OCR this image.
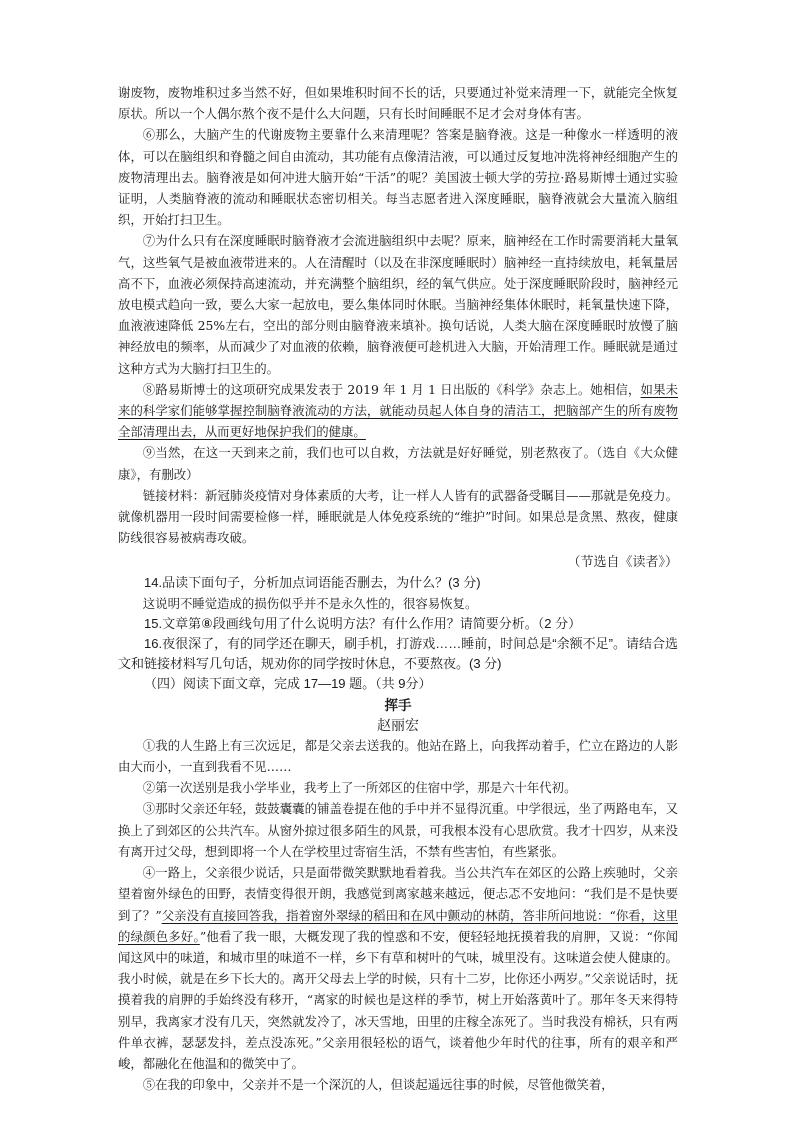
谢废物，废物堆积过多当然不好，但如果堆积时间不长的话，只要通过补觉来清理一下，就能完全恢复原状。所以一个人偶尔熬个夜不是什么大问题，只有长时间睡眠不足才会对身体有害。

⑥那么，大脑产生的代谢废物主要靠什么来清理呢？答案是脑脊液。这是一种像水一样透明的液体，可以在脑组织和脊髓之间自由流动，其功能有点像清洁液，可以通过反复地冲洗将神经细胞产生的废物清理出去。脑脊液是如何冲进大脑开始“干活”的呢？美国波士顿大学的劳拉·路易斯博士通过实验证明，人类脑脊液的流动和睡眠状态密切相关。每当志愿者进入深度睡眠，脑脊液就会大量流入脑组织，开始打扫卫生。

⑦为什么只有在深度睡眠时脑脊液才会流进脑组织中去呢？原来，脑神经在工作时需要消耗大量氧气，这些氧气是被血液带进来的。人在清醒时（以及在非深度睡眠时）脑神经一直持续放电，耗氧量居高不下，血液必须保持高速流动，并充满整个脑组织，经的氧气供应。处于深度睡眠阶段时，脑神经元放电模式趋向一致，要么大家一起放电，要么集体同时休眠。当脑神经集体休眠时，耗氧量快速下降，血液液速降低 25%左右，空出的部分则由脑脊液来填补。换句话说，人类大脑在深度睡眠时放慢了脑神经放电的频率，从而减少了对血液的依赖，脑脊液便可趁机进入大脑，开始清理工作。睡眠就是通过这种方式为大脑打扫卫生的。

⑧路易斯博士的这项研究成果发表于 2019 年 1 月 1 日出版的《科学》杂志上。她相信，如果未来的科学家们能够掌握控制脑脊液流动的方法，就能动员起人体自身的清洁工，把脑部产生的所有废物全部清理出去，从而更好地保护我们的健康。

⑨当然，在这一天到来之前，我们也可以自救，方法就是好好睡觉，别老熬夜了。（选自《大众健康》，有删改）

链接材料：新冠肺炎疫情对身体素质的大考，让一样人人皆有的武器备受瞩目——那就是免疫力。就像机器用一段时间需要检修一样，睡眠就是人体免疫系统的“维护”时间。如果总是贪黑、熬夜，健康防线很容易被病毒攻破。

（节选自《读者》）

14.品读下面句子，分析加点词语能否删去，为什么？(3 分)

这说明不睡觉造成的损伤似乎并不是永久性的，很容易恢复。

15.文章第⑧段画线句用了什么说明方法？有什么作用？请简要分析。（2 分）

16.夜很深了，有的同学还在聊天，刷手机，打游戏……睡前，时间总是“余额不足”。请结合选文和链接材料写几句话，规劝你的同学按时休息，不要熬夜。(3 分)

（四）阅读下面文章，完成 17—19 题。（共 9分）

挥手

赵丽宏

①我的人生路上有三次远足，都是父亲去送我的。他站在路上，向我挥动着手，伫立在路边的人影由大而小，一直到我看不见……

②第一次送别是我小学毕业，我考上了一所郊区的住宿中学，那是六十年代初。

③那时父亲还年轻，鼓鼓囊囊的铺盖卷提在他的手中并不显得沉重。中学很远，坐了两路电车，又换上了到郊区的公共汽车。从窗外掠过很多陌生的风景，可我根本没有心思欣赏。我才十四岁，从来没有离开过父母，想到即将一个人在学校里过寄宿生活，不禁有些害怕，有些紧张。

④一路上，父亲很少说话，只是面带微笑默默地看着我。当公共汽车在郊区的公路上疾驰时，父亲望着窗外绿色的田野，表情变得很开朗，我感觉到离家越来越远，便忐忑不安地问：“我们是不是快要到了？”父亲没有直接回答我，指着窗外翠绿的稻田和在风中颤动的林荫，答非所问地说：“你看，这里的绿颜色多好。”他看了我一眼，大概发现了我的惶惑和不安，便轻轻地抚摸着我的肩胛，又说：“你闻闻这风中的味道，和城市里的味道不一样，乡下有草和树叶的气味，城里没有。这味道会使人健康的。我小时候，就是在乡下长大的。离开父母去上学的时候，只有十二岁，比你还小两岁。”父亲说话时，抚摸着我的肩胛的手始终没有移开，“离家的时候也是这样的季节，树上开始落黄叶了。那年冬天来得特别早，我离家才没有几天，突然就发冷了，冰天雪地，田里的庄稼全冻死了。当时我没有棉袄，只有两件单衣裤，瑟瑟发抖，差点没冻死。”父亲用很轻松的语气，谈着他少年时代的往事，所有的艰辛和严峻，都融化在他温和的微笑中了。

⑤在我的印象中，父亲并不是一个深沉的人，但谈起遥远往事的时候，尽管他微笑着，
